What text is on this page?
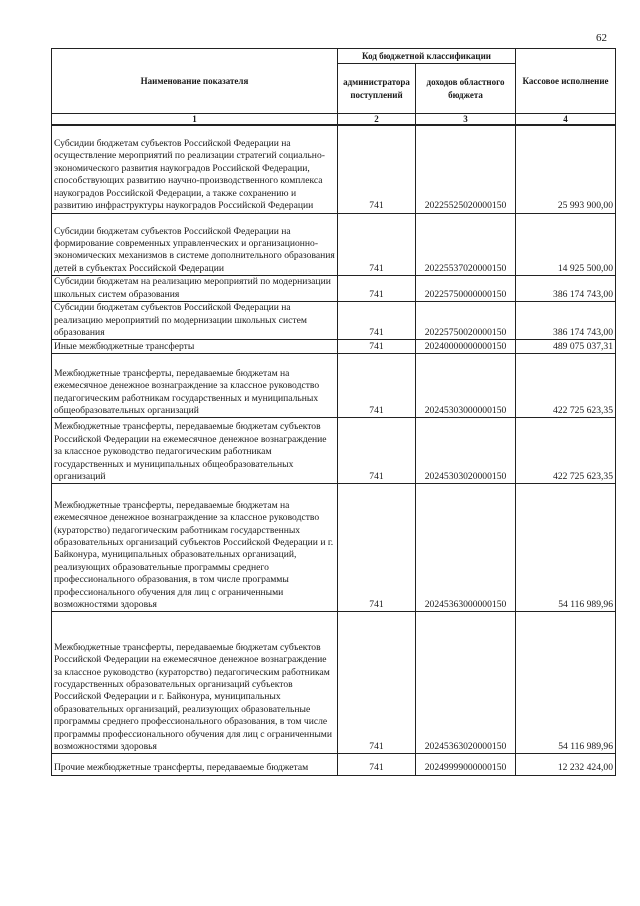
62
Наименование показателя	Код бюджетной классификации		Кассовое исполнение
	администратора поступлений	доходов областного бюджета	
1	2	3	4
Субсидии бюджетам субъектов Российской Федерации на осуществление мероприятий по реализации стратегий социально-экономического развития наукоградов Российской Федерации, способствующих развитию научно-производственного комплекса наукоградов Российской Федерации, а также сохранению и развитию инфраструктуры наукоградов Российской Федерации	741	20225525020000150	25 993 900,00
Субсидии бюджетам субъектов Российской Федерации на формирование современных управленческих и организационно-экономических механизмов в системе дополнительного образования детей в субъектах Российской Федерации	741	20225537020000150	14 925 500,00
Субсидии бюджетам на реализацию мероприятий по модернизации школьных систем образования	741	20225750000000150	386 174 743,00
Субсидии бюджетам субъектов Российской Федерации на реализацию мероприятий по модернизации школьных систем образования	741	20225750020000150	386 174 743,00
Иные межбюджетные трансферты	741	20240000000000150	489 075 037,31
Межбюджетные трансферты, передаваемые бюджетам на ежемесячное денежное вознаграждение за классное руководство педагогическим работникам государственных и муниципальных общеобразовательных организаций	741	20245303000000150	422 725 623,35
Межбюджетные трансферты, передаваемые бюджетам субъектов Российской Федерации на ежемесячное денежное вознаграждение за классное руководство педагогическим работникам государственных и муниципальных общеобразовательных организаций	741	20245303020000150	422 725 623,35
Межбюджетные трансферты, передаваемые бюджетам на ежемесячное денежное вознаграждение за классное руководство (кураторство) педагогическим работникам государственных образовательных организаций субъектов Российской Федерации и г. Байконура, муниципальных образовательных организаций, реализующих образовательные программы среднего профессионального образования, в том числе программы профессионального обучения для лиц с ограниченными возможностями здоровья	741	20245363000000150	54 116 989,96
Межбюджетные трансферты, передаваемые бюджетам субъектов Российской Федерации на ежемесячное денежное вознаграждение за классное руководство (кураторство) педагогическим работникам государственных образовательных организаций субъектов Российской Федерации и г. Байконура, муниципальных образовательных организаций, реализующих образовательные программы среднего профессионального образования, в том числе программы профессионального обучения для лиц с ограниченными возможностями здоровья	741	20245363020000150	54 116 989,96
Прочие межбюджетные трансферты, передаваемые бюджетам	741	20249999000000150	12 232 424,00
